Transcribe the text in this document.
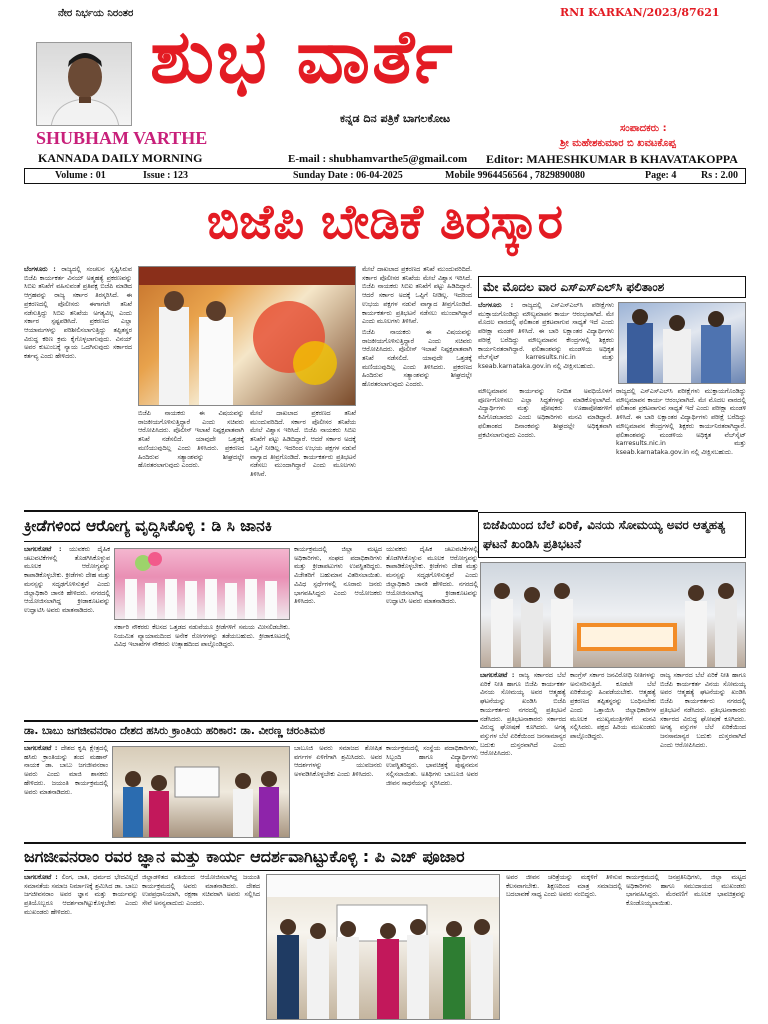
ನೇರ ನಿರ್ಭಯ ನಿರಂತರ
ಶುಭ ವಾರ್ತೆ
RNI KARKAN/2023/87621
ಕನ್ನಡ ದಿನ ಪತ್ರಿಕೆ ಬಾಗಲಕೋಟ
SHUBHAM VARTHE
KANNADA DAILY MORNING	E-mail : shubhamvarthe5@gmail.com
ಸಂಪಾದಕರು :
ಶ್ರೀ ಮಹೇಶಕುಮಾರ ಬಿ ಖವಟಕೊಪ್ಪ
Editor: MAHESHKUMAR B KHAVATAKOPPA
Volume : 01	Issue : 123	Sunday Date : 06-04-2025	Mobile 9964456564 , 7829890080	Page: 4 Rs : 2.00
ಬಿಜೆಪಿ ಬೇಡಿಕೆ ತಿರಸ್ಕಾರ

ಬೆಂಗಳೂರು : ರಾಜ್ಯದಲ್ಲಿ ಸಂಚಲನ ಸೃಷ್ಟಿಸಿರುವ ಬಿಜೆಪಿ ಕಾರ್ಯಕರ್ತ ವಿನಯ್ ಅತ್ಮಹತ್ಯೆ ಪ್ರಕರಣವನ್ನು ಸಿಬಿಐ ತನಿಖೆಗೆ ವಹಿಸುವಂತೆ ಪ್ರತಿಪಕ್ಷ ಬಿಜೆಪಿ ಮಾಡಿದ ಆಗ್ರಹವನ್ನು ರಾಜ್ಯ ಸರ್ಕಾರ ತಿರಸ್ಕರಿಸಿದೆ. ಈ ಪ್ರಕರಣದಲ್ಲಿ ಪೊಲೀಸರು ಈಗಾಗಲೇ ತನಿಖೆ ನಡೆಸುತ್ತಿದ್ದು ಸಿಬಿಐ ತನಿಖೆಯ ಅಗತ್ಯವಿಲ್ಲ ಎಂದು ಸರ್ಕಾರ ಸ್ಪಷ್ಟಪಡಿಸಿದೆ. ಪ್ರಕರಣದ ಎಲ್ಲಾ ಆಯಾಮಗಳನ್ನು ಪರಿಶೀಲಿಸಲಾಗುತ್ತಿದ್ದು ತಪ್ಪಿತಸ್ಥರ ವಿರುದ್ಧ ಕಠಿಣ ಕ್ರಮ ಕೈಗೊಳ್ಳಲಾಗುವುದು. ವಿನಯ್ ಅವರ ಕುಟುಂಬಕ್ಕೆ ನ್ಯಾಯ ಒದಗಿಸುವುದು ಸರ್ಕಾರದ ಕರ್ತವ್ಯ ಎಂದು ಹೇಳಿದರು.

ಬಿಜೆಪಿ ನಾಯಕರು ಈ ವಿಷಯವನ್ನು ರಾಜಕೀಯಗೊಳಿಸುತ್ತಿದ್ದಾರೆ ಎಂದು ಸಚಿವರು ಆರೋಪಿಸಿದರು. ಪೊಲೀಸ್ ಇಲಾಖೆ ನಿಷ್ಪಕ್ಷಪಾತವಾಗಿ ತನಿಖೆ ನಡೆಸಲಿದೆ. ಯಾವುದೇ ಒತ್ತಡಕ್ಕೆ ಮಣಿಯುವುದಿಲ್ಲ ಎಂದು ತಿಳಿಸಿದರು. ಪ್ರಕರಣದ ಹಿಂದಿರುವ ಸತ್ಯಾಂಶವನ್ನು ಶೀಘ್ರದಲ್ಲೇ ಹೊರತರಲಾಗುವುದು ಎಂದರು.

ಮೇಲೆ ದಾಖಲಾದ ಪ್ರಕರಣದ ತನಿಖೆ ಮುಂದುವರಿದಿದೆ. ಸರ್ಕಾರ ಪೊಲೀಸರ ತನಿಖೆಯ ಮೇಲೆ ವಿಶ್ವಾಸ ಇರಿಸಿದೆ. ಬಿಜೆಪಿ ನಾಯಕರು ಸಿಬಿಐ ತನಿಖೆಗೆ ಪಟ್ಟು ಹಿಡಿದಿದ್ದಾರೆ. ಆದರೆ ಸರ್ಕಾರ ಅದಕ್ಕೆ ಒಪ್ಪಿಗೆ ನೀಡಿಲ್ಲ. ಇದರಿಂದ ಉಭಯ ಪಕ್ಷಗಳ ನಡುವೆ ವಾಗ್ವಾದ ತೀವ್ರಗೊಂಡಿದೆ. ಕಾರ್ಯಕರ್ತರು ಪ್ರತಿಭಟನೆ ನಡೆಸಲು ಮುಂದಾಗಿದ್ದಾರೆ ಎಂದು ಮೂಲಗಳು ತಿಳಿಸಿವೆ.

ಮೇಲೆ ದಾಖಲಾದ ಪ್ರಕರಣದ ತನಿಖೆ ಮುಂದುವರಿದಿದೆ. ಸರ್ಕಾರ ಪೊಲೀಸರ ತನಿಖೆಯ ಮೇಲೆ ವಿಶ್ವಾಸ ಇರಿಸಿದೆ. ಬಿಜೆಪಿ ನಾಯಕರು ಸಿಬಿಐ ತನಿಖೆಗೆ ಪಟ್ಟು ಹಿಡಿದಿದ್ದಾರೆ. ಆದರೆ ಸರ್ಕಾರ ಅದಕ್ಕೆ ಒಪ್ಪಿಗೆ ನೀಡಿಲ್ಲ. ಇದರಿಂದ ಉಭಯ ಪಕ್ಷಗಳ ನಡುವೆ ವಾಗ್ವಾದ ತೀವ್ರಗೊಂಡಿದೆ. ಕಾರ್ಯಕರ್ತರು ಪ್ರತಿಭಟನೆ ನಡೆಸಲು ಮುಂದಾಗಿದ್ದಾರೆ ಎಂದು ಮೂಲಗಳು ತಿಳಿಸಿವೆ.

ಬಿಜೆಪಿ ನಾಯಕರು ಈ ವಿಷಯವನ್ನು ರಾಜಕೀಯಗೊಳಿಸುತ್ತಿದ್ದಾರೆ ಎಂದು ಸಚಿವರು ಆರೋಪಿಸಿದರು. ಪೊಲೀಸ್ ಇಲಾಖೆ ನಿಷ್ಪಕ್ಷಪಾತವಾಗಿ ತನಿಖೆ ನಡೆಸಲಿದೆ. ಯಾವುದೇ ಒತ್ತಡಕ್ಕೆ ಮಣಿಯುವುದಿಲ್ಲ ಎಂದು ತಿಳಿಸಿದರು. ಪ್ರಕರಣದ ಹಿಂದಿರುವ ಸತ್ಯಾಂಶವನ್ನು ಶೀಘ್ರದಲ್ಲೇ ಹೊರತರಲಾಗುವುದು ಎಂದರು.

ಮೇ ಮೊದಲ ವಾರ ಎಸ್‌ಎಸ್‌ಎಲ್‌ಸಿ ಫಲಿತಾಂಶ

ಬೆಂಗಳೂರು : ರಾಜ್ಯದಲ್ಲಿ ಎಸ್‌ಎಸ್‌ಎಲ್‌ಸಿ ಪರೀಕ್ಷೆಗಳು ಮುಕ್ತಾಯಗೊಂಡಿದ್ದು ಮೌಲ್ಯಮಾಪನ ಕಾರ್ಯ ಆರಂಭವಾಗಿದೆ. ಮೇ ಮೊದಲ ವಾರದಲ್ಲಿ ಫಲಿತಾಂಶ ಪ್ರಕಟವಾಗುವ ಸಾಧ್ಯತೆ ಇದೆ ಎಂದು ಪರೀಕ್ಷಾ ಮಂಡಳಿ ತಿಳಿಸಿದೆ. ಈ ಬಾರಿ ಲಕ್ಷಾಂತರ ವಿದ್ಯಾರ್ಥಿಗಳು ಪರೀಕ್ಷೆ ಬರೆದಿದ್ದು ಮೌಲ್ಯಮಾಪನ ಕೇಂದ್ರಗಳಲ್ಲಿ ಶಿಕ್ಷಕರು ಕಾರ್ಯನಿರತರಾಗಿದ್ದಾರೆ. ಫಲಿತಾಂಶವನ್ನು ಮಂಡಳಿಯ ಅಧಿಕೃತ ವೆಬ್‌ಸೈಟ್ karresults.nic.in ಮತ್ತು kseab.karnataka.gov.in ನಲ್ಲಿ ವೀಕ್ಷಿಸಬಹುದು.

ಮೌಲ್ಯಮಾಪನ ಕಾರ್ಯವನ್ನು ನಿಗದಿತ ಅವಧಿಯೊಳಗೆ ಪೂರ್ಣಗೊಳಿಸಲು ಎಲ್ಲಾ ಸಿದ್ಧತೆಗಳನ್ನು ಮಾಡಿಕೊಳ್ಳಲಾಗಿದೆ. ವಿದ್ಯಾರ್ಥಿಗಳು ಮತ್ತು ಪೋಷಕರು ಊಹಾಪೋಹಗಳಿಗೆ ಕಿವಿಗೊಡಬಾರದು ಎಂದು ಅಧಿಕಾರಿಗಳು ಮನವಿ ಮಾಡಿದ್ದಾರೆ. ಫಲಿತಾಂಶದ ದಿನಾಂಕವನ್ನು ಶೀಘ್ರದಲ್ಲೇ ಅಧಿಕೃತವಾಗಿ ಪ್ರಕಟಿಸಲಾಗುವುದು ಎಂದರು.

ರಾಜ್ಯದಲ್ಲಿ ಎಸ್‌ಎಸ್‌ಎಲ್‌ಸಿ ಪರೀಕ್ಷೆಗಳು ಮುಕ್ತಾಯಗೊಂಡಿದ್ದು ಮೌಲ್ಯಮಾಪನ ಕಾರ್ಯ ಆರಂಭವಾಗಿದೆ. ಮೇ ಮೊದಲ ವಾರದಲ್ಲಿ ಫಲಿತಾಂಶ ಪ್ರಕಟವಾಗುವ ಸಾಧ್ಯತೆ ಇದೆ ಎಂದು ಪರೀಕ್ಷಾ ಮಂಡಳಿ ತಿಳಿಸಿದೆ. ಈ ಬಾರಿ ಲಕ್ಷಾಂತರ ವಿದ್ಯಾರ್ಥಿಗಳು ಪರೀಕ್ಷೆ ಬರೆದಿದ್ದು ಮೌಲ್ಯಮಾಪನ ಕೇಂದ್ರಗಳಲ್ಲಿ ಶಿಕ್ಷಕರು ಕಾರ್ಯನಿರತರಾಗಿದ್ದಾರೆ. ಫಲಿತಾಂಶವನ್ನು ಮಂಡಳಿಯ ಅಧಿಕೃತ ವೆಬ್‌ಸೈಟ್ karresults.nic.in ಮತ್ತು kseab.karnataka.gov.in ನಲ್ಲಿ ವೀಕ್ಷಿಸಬಹುದು.

ಕ್ರೀಡೆಗಳಿಂದ ಆರೋಗ್ಯ ವೃದ್ಧಿಸಿಕೊಳ್ಳಿ : ಡಿ ಸಿ ಜಾನಕಿ

ಬಾಗಲಕೋಟೆ : ಯುವಕರು ದೈಹಿಕ ಚಟುವಟಿಕೆಗಳಲ್ಲಿ ತೊಡಗಿಸಿಕೊಳ್ಳುವ ಮೂಲಕ ಆರೋಗ್ಯವನ್ನು ಕಾಪಾಡಿಕೊಳ್ಳಬೇಕು. ಕ್ರೀಡೆಗಳು ದೇಹ ಮತ್ತು ಮನಸ್ಸನ್ನು ಸದೃಢಗೊಳಿಸುತ್ತವೆ ಎಂದು ಜಿಲ್ಲಾಧಿಕಾರಿ ಜಾನಕಿ ಹೇಳಿದರು. ನಗರದಲ್ಲಿ ಆಯೋಜಿಸಲಾಗಿದ್ದ ಕ್ರೀಡಾಕೂಟವನ್ನು ಉದ್ಘಾಟಿಸಿ ಅವರು ಮಾತನಾಡಿದರು.

ಸರ್ಕಾರಿ ನೌಕರರು ಕೆಲಸದ ಒತ್ತಡದ ನಡುವೆಯೂ ಕ್ರೀಡೆಗಳಿಗೆ ಸಮಯ ಮೀಸಲಿಡಬೇಕು. ನಿಯಮಿತ ವ್ಯಾಯಾಮದಿಂದ ಅನೇಕ ರೋಗಗಳನ್ನು ತಡೆಯಬಹುದು. ಕ್ರೀಡಾಕೂಟದಲ್ಲಿ ವಿವಿಧ ಇಲಾಖೆಗಳ ನೌಕರರು ಉತ್ಸಾಹದಿಂದ ಪಾಲ್ಗೊಂಡಿದ್ದರು.

ಕಾರ್ಯಕ್ರಮದಲ್ಲಿ ಜಿಲ್ಲಾ ಮಟ್ಟದ ಅಧಿಕಾರಿಗಳು, ಸಂಘದ ಪದಾಧಿಕಾರಿಗಳು ಮತ್ತು ಕ್ರೀಡಾಪಟುಗಳು ಉಪಸ್ಥಿತರಿದ್ದರು. ವಿಜೇತರಿಗೆ ಬಹುಮಾನ ವಿತರಿಸಲಾಯಿತು. ವಿವಿಧ ಸ್ಪರ್ಧೆಗಳಲ್ಲಿ ನೂರಾರು ಜನರು ಭಾಗವಹಿಸಿದ್ದರು ಎಂದು ಆಯೋಜಕರು ತಿಳಿಸಿದರು.

ಯುವಕರು ದೈಹಿಕ ಚಟುವಟಿಕೆಗಳಲ್ಲಿ ತೊಡಗಿಸಿಕೊಳ್ಳುವ ಮೂಲಕ ಆರೋಗ್ಯವನ್ನು ಕಾಪಾಡಿಕೊಳ್ಳಬೇಕು. ಕ್ರೀಡೆಗಳು ದೇಹ ಮತ್ತು ಮನಸ್ಸನ್ನು ಸದೃಢಗೊಳಿಸುತ್ತವೆ ಎಂದು ಜಿಲ್ಲಾಧಿಕಾರಿ ಜಾನಕಿ ಹೇಳಿದರು. ನಗರದಲ್ಲಿ ಆಯೋಜಿಸಲಾಗಿದ್ದ ಕ್ರೀಡಾಕೂಟವನ್ನು ಉದ್ಘಾಟಿಸಿ ಅವರು ಮಾತನಾಡಿದರು.

ಬಿಜೆಪಿಯಿಂದ ಬೆಲೆ ಏರಿಕೆ, ವಿನಯ ಸೋಮಯ್ಯ ಅವರ ಆತ್ಮಹತ್ಯ ಘಟನೆ ಖಂಡಿಸಿ ಪ್ರತಿಭಟನೆ

ಬಾಗಲಕೋಟೆ : ರಾಜ್ಯ ಸರ್ಕಾರದ ಬೆಲೆ ಏರಿಕೆ ನೀತಿ ಹಾಗೂ ಬಿಜೆಪಿ ಕಾರ್ಯಕರ್ತ ವಿನಯ ಸೋಮಯ್ಯ ಅವರ ಆತ್ಮಹತ್ಯೆ ಘಟನೆಯನ್ನು ಖಂಡಿಸಿ ಬಿಜೆಪಿ ಕಾರ್ಯಕರ್ತರು ನಗರದಲ್ಲಿ ಪ್ರತಿಭಟನೆ ನಡೆಸಿದರು. ಪ್ರತಿಭಟನಾಕಾರರು ಸರ್ಕಾರದ ವಿರುದ್ಧ ಘೋಷಣೆ ಕೂಗಿದರು. ಅಗತ್ಯ ವಸ್ತುಗಳ ಬೆಲೆ ಏರಿಕೆಯಿಂದ ಜನಸಾಮಾನ್ಯರ ಬದುಕು ದುಸ್ತರವಾಗಿದೆ ಎಂದು ಆರೋಪಿಸಿದರು.

ಕಾಂಗ್ರೆಸ್ ಸರ್ಕಾರ ಜನವಿರೋಧಿ ನೀತಿಗಳನ್ನು ಅನುಸರಿಸುತ್ತಿದೆ. ಕೂಡಲೇ ಬೆಲೆ ಏರಿಕೆಯನ್ನು ಹಿಂಪಡೆಯಬೇಕು. ಆತ್ಮಹತ್ಯೆ ಪ್ರಕರಣದ ತಪ್ಪಿತಸ್ಥರನ್ನು ಬಂಧಿಸಬೇಕು ಎಂದು ಒತ್ತಾಯಿಸಿ ಜಿಲ್ಲಾಧಿಕಾರಿಗಳ ಮೂಲಕ ಮುಖ್ಯಮಂತ್ರಿಗಳಿಗೆ ಮನವಿ ಸಲ್ಲಿಸಿದರು. ಪಕ್ಷದ ಹಿರಿಯ ಮುಖಂಡರು ಪಾಲ್ಗೊಂಡಿದ್ದರು.

ರಾಜ್ಯ ಸರ್ಕಾರದ ಬೆಲೆ ಏರಿಕೆ ನೀತಿ ಹಾಗೂ ಬಿಜೆಪಿ ಕಾರ್ಯಕರ್ತ ವಿನಯ ಸೋಮಯ್ಯ ಅವರ ಆತ್ಮಹತ್ಯೆ ಘಟನೆಯನ್ನು ಖಂಡಿಸಿ ಬಿಜೆಪಿ ಕಾರ್ಯಕರ್ತರು ನಗರದಲ್ಲಿ ಪ್ರತಿಭಟನೆ ನಡೆಸಿದರು. ಪ್ರತಿಭಟನಾಕಾರರು ಸರ್ಕಾರದ ವಿರುದ್ಧ ಘೋಷಣೆ ಕೂಗಿದರು. ಅಗತ್ಯ ವಸ್ತುಗಳ ಬೆಲೆ ಏರಿಕೆಯಿಂದ ಜನಸಾಮಾನ್ಯರ ಬದುಕು ದುಸ್ತರವಾಗಿದೆ ಎಂದು ಆರೋಪಿಸಿದರು.

ಡಾ. ಬಾಬು ಜಗಜೀವನರಾಂ ದೇಶದ ಹಸಿರು ಕ್ರಾಂತಿಯ ಹರಿಕಾರ: ಡಾ. ವೀರಣ್ಣ ಚರಂತಿಮಠ

ಬಾಗಲಕೋಟೆ : ದೇಶದ ಕೃಷಿ ಕ್ಷೇತ್ರದಲ್ಲಿ ಹಸಿರು ಕ್ರಾಂತಿಯನ್ನು ತಂದ ಮಹಾನ್ ನಾಯಕ ಡಾ. ಬಾಬು ಜಗಜೀವನರಾಂ ಅವರು ಎಂದು ಮಾಜಿ ಶಾಸಕರು ಹೇಳಿದರು. ಜಯಂತಿ ಕಾರ್ಯಕ್ರಮದಲ್ಲಿ ಅವರು ಮಾತನಾಡಿದರು.

ಬಾಬೂಜಿ ಅವರು ಸಮಾಜದ ಶೋಷಿತ ವರ್ಗಗಳ ಏಳಿಗೆಗಾಗಿ ಶ್ರಮಿಸಿದರು. ಅವರ ಆದರ್ಶಗಳನ್ನು ಯುವಜನರು ಅಳವಡಿಸಿಕೊಳ್ಳಬೇಕು ಎಂದು ತಿಳಿಸಿದರು.

ಕಾರ್ಯಕ್ರಮದಲ್ಲಿ ಸಂಸ್ಥೆಯ ಪದಾಧಿಕಾರಿಗಳು, ಸಿಬ್ಬಂದಿ ಹಾಗೂ ವಿದ್ಯಾರ್ಥಿಗಳು ಉಪಸ್ಥಿತರಿದ್ದರು. ಭಾವಚಿತ್ರಕ್ಕೆ ಪುಷ್ಪನಮನ ಸಲ್ಲಿಸಲಾಯಿತು. ಅತಿಥಿಗಳು ಬಾಬೂಜಿ ಅವರ ಜೀವನ ಸಾಧನೆಯನ್ನು ಸ್ಮರಿಸಿದರು.

ಜಗಜೀವನರಾಂ ರವರ ಜ್ಞಾನ ಮತ್ತು ಕಾರ್ಯ ಆದರ್ಶವಾಗಿಟ್ಟುಕೊಳ್ಳಿ : ಪಿ ಎಚ್ ಪೂಜಾರ

ಬಾಗಲಕೋಟೆ : ಲಿಂಗ, ಜಾತಿ, ಧರ್ಮದ ಭೇದವಿಲ್ಲದೆ ಸಮಾನತೆಯ ಸಮಾಜ ನಿರ್ಮಾಣಕ್ಕೆ ಶ್ರಮಿಸಿದ ಡಾ. ಬಾಬು ಜಗಜೀವನರಾಂ ಅವರ ಜ್ಞಾನ ಮತ್ತು ಕಾರ್ಯವನ್ನು ಪ್ರತಿಯೊಬ್ಬರೂ ಆದರ್ಶವಾಗಿಟ್ಟುಕೊಳ್ಳಬೇಕು ಎಂದು ಮುಖಂಡರು ಹೇಳಿದರು.

ಜಿಲ್ಲಾಡಳಿತದ ವತಿಯಿಂದ ಆಯೋಜಿಸಲಾಗಿದ್ದ ಜಯಂತಿ ಕಾರ್ಯಕ್ರಮದಲ್ಲಿ ಅವರು ಮಾತನಾಡಿದರು. ದೇಶದ ಉಪಪ್ರಧಾನಿಯಾಗಿ, ರಕ್ಷಣಾ ಸಚಿವರಾಗಿ ಅವರು ಸಲ್ಲಿಸಿದ ಸೇವೆ ಅನನ್ಯವಾದುದು ಎಂದರು.

ಅವರ ಜೀವನ ಚರಿತ್ರೆಯನ್ನು ಮಕ್ಕಳಿಗೆ ತಿಳಿಸುವ ಕೆಲಸವಾಗಬೇಕು. ಶಿಕ್ಷಣದಿಂದ ಮಾತ್ರ ಸಮಾಜದಲ್ಲಿ ಬದಲಾವಣೆ ಸಾಧ್ಯ ಎಂದು ಅವರು ನಂಬಿದ್ದರು.

ಕಾರ್ಯಕ್ರಮದಲ್ಲಿ ಜನಪ್ರತಿನಿಧಿಗಳು, ಜಿಲ್ಲಾ ಮಟ್ಟದ ಅಧಿಕಾರಿಗಳು ಹಾಗೂ ಸಮುದಾಯದ ಮುಖಂಡರು ಭಾಗವಹಿಸಿದ್ದರು. ಮೆರವಣಿಗೆ ಮೂಲಕ ಭಾವಚಿತ್ರವನ್ನು ಕೊಂಡೊಯ್ಯಲಾಯಿತು.
